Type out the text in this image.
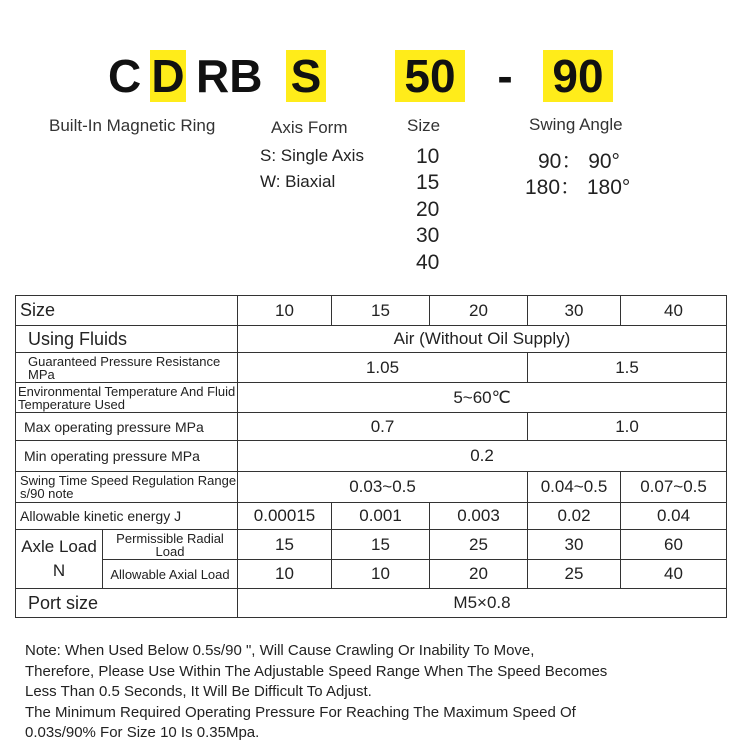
C D RB S 50 - 90
Built-In Magnetic Ring	Axis Form
S: Single Axis
W: Biaxial
Size
10
15
20
30
40
Swing Angle
90： 90°
180： 180°
Size		10	15	20	30	40
Using Fluids		Air (Without Oil Supply)				
Guaranteed Pressure Resistance MPa		1.05			1.5	
Environmental Temperature And Fluid Temperature Used		5~60℃				
Max operating pressure MPa		0.7			1.0	
Min operating pressure MPa		0.2				
Swing Time Speed Regulation Range s/90 note		0.03~0.5			0.04~0.5	0.07~0.5
Allowable kinetic energy J		0.00015	0.001	0.003	0.02	0.04

Axle Load
N	Permissible Radial Load	15	15	25	30	60
	Allowable Axial Load	10	10	20	25	40
Port size		M5×0.8				
Note: When Used Below 0.5s/90 ", Will Cause Crawling Or Inability To Move,
Therefore, Please Use Within The Adjustable Speed Range When The Speed Becomes
Less Than 0.5 Seconds, It Will Be Difficult To Adjust.
The Minimum Required Operating Pressure For Reaching The Maximum Speed Of
0.03s/90% For Size 10 Is 0.35Mpa.
